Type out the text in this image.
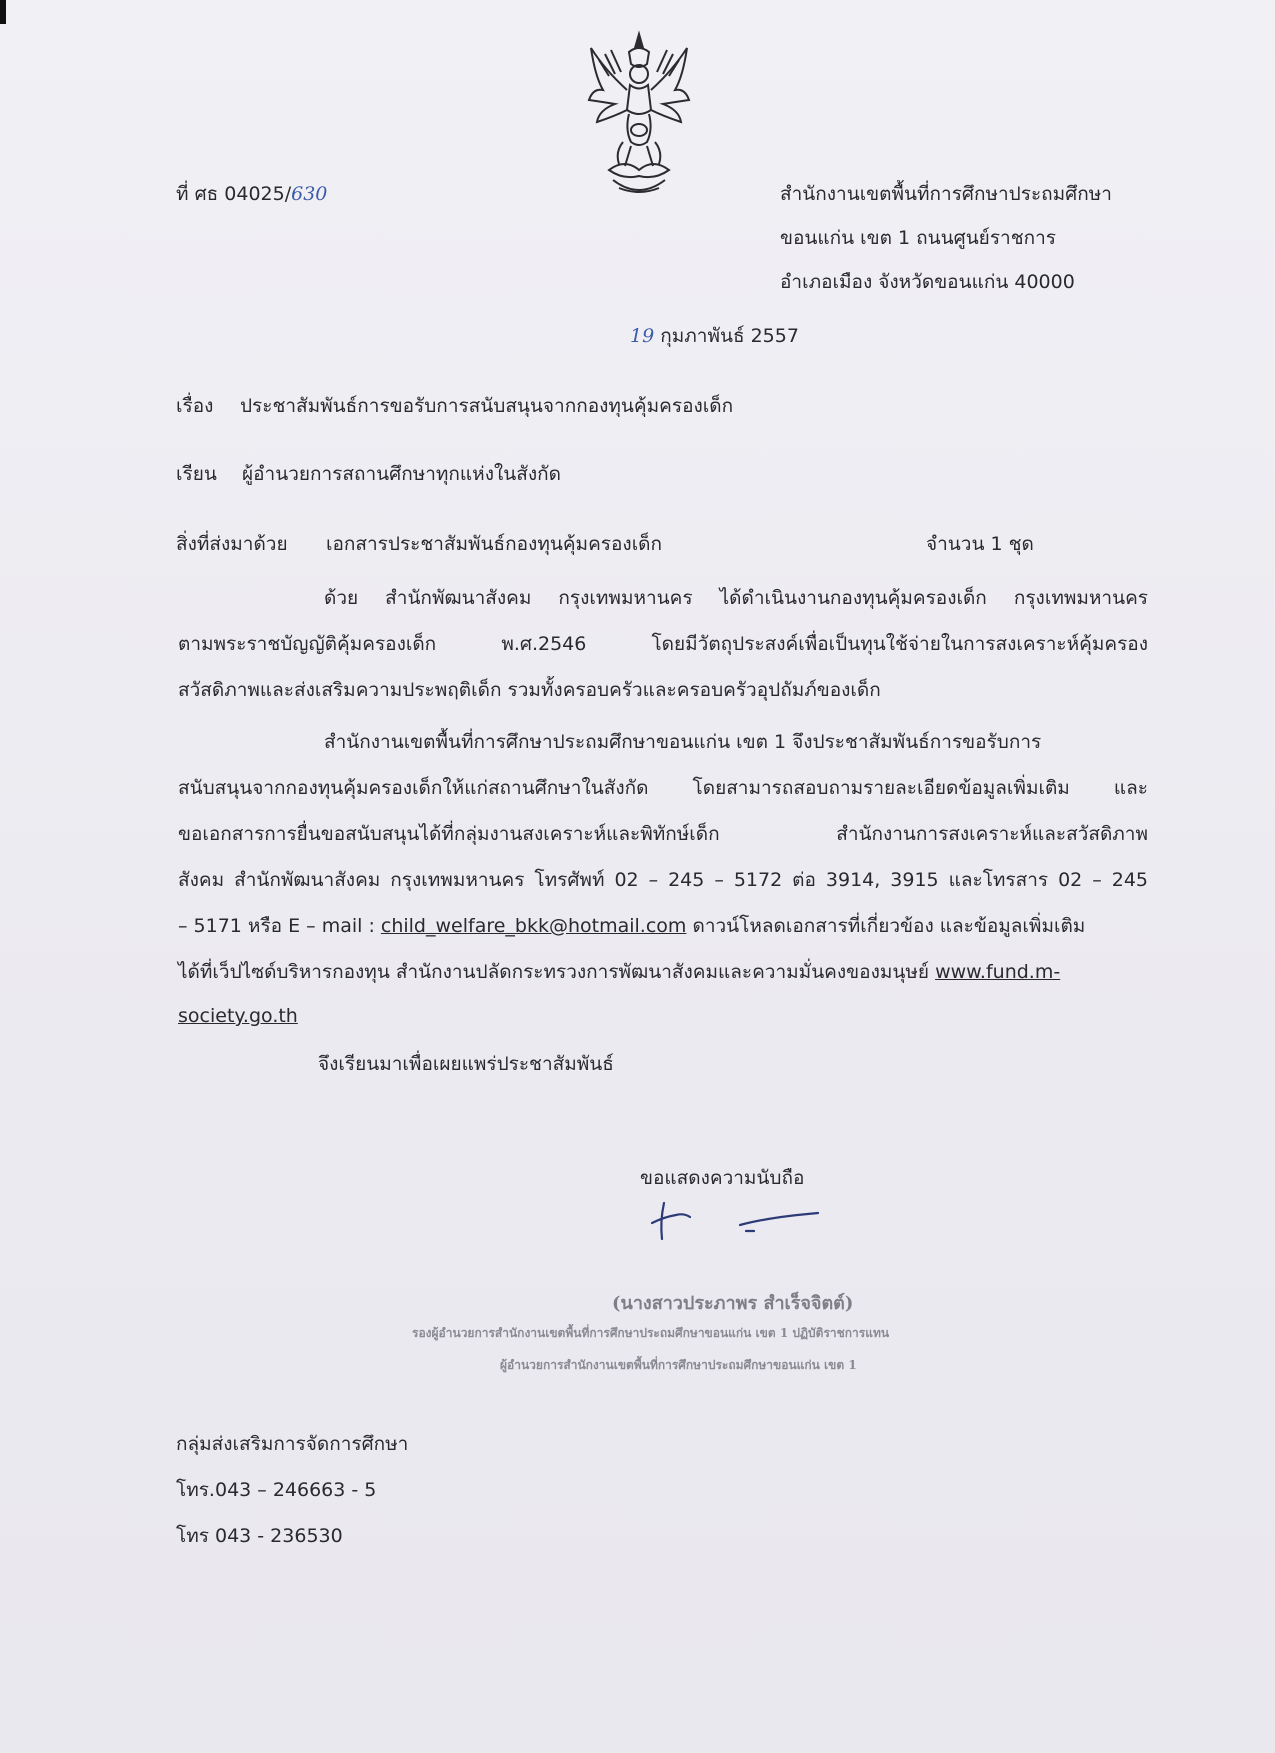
ที่ ศธ 04025/630	สำนักงานเขตพื้นที่การศึกษาประถมศึกษา
ขอนแก่น เขต 1 ถนนศูนย์ราชการ
อำเภอเมือง จังหวัดขอนแก่น 40000
19 กุมภาพันธ์ 2557
เรื่อง ประชาสัมพันธ์การขอรับการสนับสนุนจากกองทุนคุ้มครองเด็ก
เรียน ผู้อำนวยการสถานศึกษาทุกแห่งในสังกัด
สิ่งที่ส่งมาด้วย เอกสารประชาสัมพันธ์กองทุนคุ้มครองเด็ก	จำนวน 1 ชุด
ด้วย สำนักพัฒนาสังคม กรุงเทพมหานคร ได้ดำเนินงานกองทุนคุ้มครองเด็ก กรุงเทพมหานคร
ตามพระราชบัญญัติคุ้มครองเด็ก พ.ศ.2546 โดยมีวัตถุประสงค์เพื่อเป็นทุนใช้จ่ายในการสงเคราะห์คุ้มครอง
สวัสดิภาพและส่งเสริมความประพฤติเด็ก รวมทั้งครอบครัวและครอบครัวอุปถัมภ์ของเด็ก
สำนักงานเขตพื้นที่การศึกษาประถมศึกษาขอนแก่น เขต 1 จึงประชาสัมพันธ์การขอรับการ
สนับสนุนจากกองทุนคุ้มครองเด็กให้แก่สถานศึกษาในสังกัด โดยสามารถสอบถามรายละเอียดข้อมูลเพิ่มเติม และ
ขอเอกสารการยื่นขอสนับสนุนได้ที่กลุ่มงานสงเคราะห์และพิทักษ์เด็ก สำนักงานการสงเคราะห์และสวัสดิภาพ
สังคม สำนักพัฒนาสังคม กรุงเทพมหานคร โทรศัพท์ 02 – 245 – 5172 ต่อ 3914, 3915 และโทรสาร 02 – 245
– 5171 หรือ E – mail : child_welfare_bkk@hotmail.com ดาวน์โหลดเอกสารที่เกี่ยวข้อง และข้อมูลเพิ่มเติม
ได้ที่เว็ปไซด์บริหารกองทุน สำนักงานปลัดกระทรวงการพัฒนาสังคมและความมั่นคงของมนุษย์ www.fund.m-
society.go.th
จึงเรียนมาเพื่อเผยแพร่ประชาสัมพันธ์
ขอแสดงความนับถือ
(นางสาวประภาพร สำเร็จจิตต์)
รองผู้อำนวยการสำนักงานเขตพื้นที่การศึกษาประถมศึกษาขอนแก่น เขต 1 ปฏิบัติราชการแทน
ผู้อำนวยการสำนักงานเขตพื้นที่การศึกษาประถมศึกษาขอนแก่น เขต 1
กลุ่มส่งเสริมการจัดการศึกษา
โทร.043 – 246663 - 5
โทร 043 - 236530
